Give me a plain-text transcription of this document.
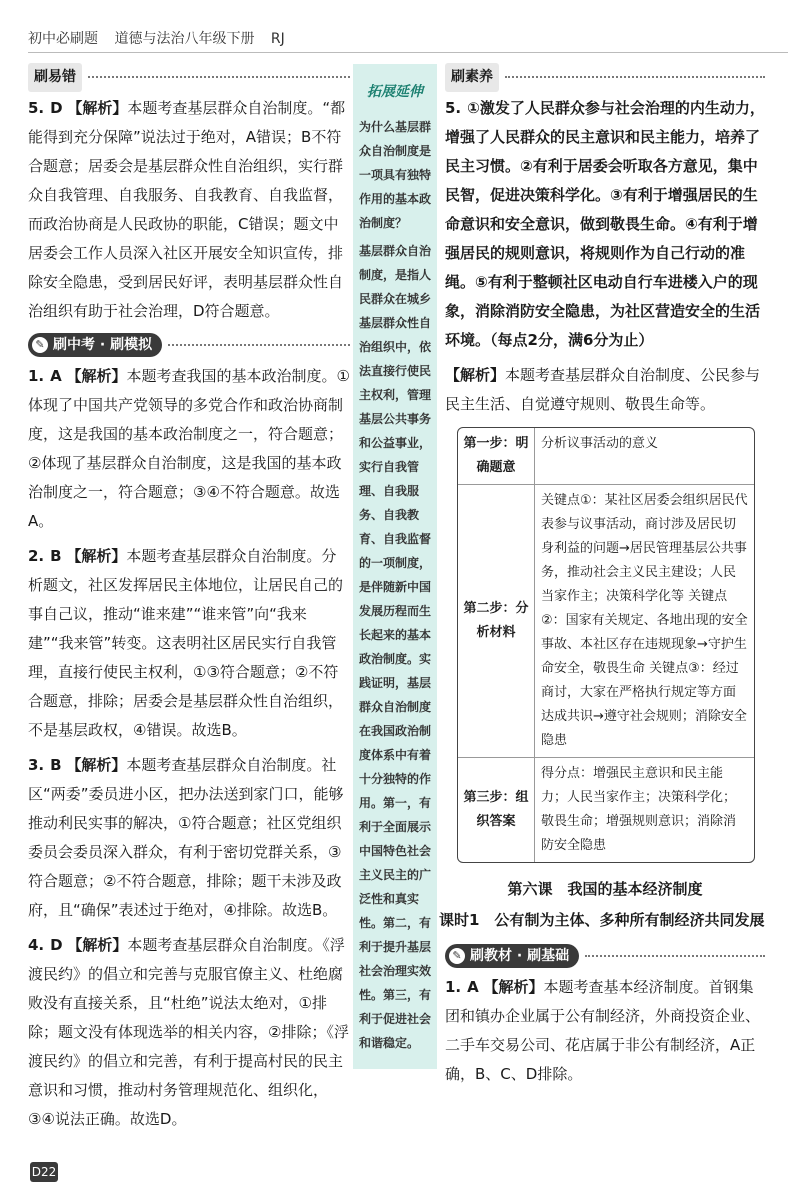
初中必刷题 道德与法治八年级下册 RJ
刷易错

5. D 【解析】本题考查基层群众自治制度。“都能得到充分保障”说法过于绝对，A错误；B不符合题意；居委会是基层群众性自治组织，实行群众自我管理、自我服务、自我教育、自我监督，而政治协商是人民政协的职能，C错误；题文中居委会工作人员深入社区开展安全知识宣传，排除安全隐患，受到居民好评，表明基层群众性自治组织有助于社会治理，D符合题意。

✎ 刷中考 · 刷模拟

1. A 【解析】本题考查我国的基本政治制度。①体现了中国共产党领导的多党合作和政治协商制度，这是我国的基本政治制度之一，符合题意；②体现了基层群众自治制度，这是我国的基本政治制度之一，符合题意；③④不符合题意。故选A。

2. B 【解析】本题考查基层群众自治制度。分析题文，社区发挥居民主体地位，让居民自己的事自己议，推动“谁来建”“谁来管”向“我来建”“我来管”转变。这表明社区居民实行自我管理，直接行使民主权利，①③符合题意；②不符合题意，排除；居委会是基层群众性自治组织，不是基层政权，④错误。故选B。

3. B 【解析】本题考查基层群众自治制度。社区“两委”委员进小区，把办法送到家门口，能够推动利民实事的解决，①符合题意；社区党组织委员会委员深入群众，有利于密切党群关系，③符合题意；②不符合题意，排除；题干未涉及政府，且“确保”表述过于绝对，④排除。故选B。

4. D 【解析】本题考查基层群众自治制度。《浮渡民约》的倡立和完善与克服官僚主义、杜绝腐败没有直接关系，且“杜绝”说法太绝对，①排除；题文没有体现选举的相关内容，②排除；《浮渡民约》的倡立和完善，有利于提高村民的民主意识和习惯，推动村务管理规范化、组织化，③④说法正确。故选D。

拓展延伸
为什么基层群众自治制度是一项具有独特作用的基本政治制度？
基层群众自治制度，是指人民群众在城乡基层群众性自治组织中，依法直接行使民主权利，管理基层公共事务和公益事业，实行自我管理、自我服务、自我教育、自我监督的一项制度，是伴随新中国发展历程而生长起来的基本政治制度。实践证明，基层群众自治制度在我国政治制度体系中有着十分独特的作用。第一，有利于全面展示中国特色社会主义民主的广泛性和真实性。第二，有利于提升基层社会治理实效性。第三，有利于促进社会和谐稳定。
刷素养

5. ①激发了人民群众参与社会治理的内生动力，增强了人民群众的民主意识和民主能力，培养了民主习惯。②有利于居委会听取各方意见，集中民智，促进决策科学化。③有利于增强居民的生命意识和安全意识，做到敬畏生命。④有利于增强居民的规则意识，将规则作为自己行动的准绳。⑤有利于整顿社区电动自行车进楼入户的现象，消除消防安全隐患，为社区营造安全的生活环境。（每点2分，满6分为止）

【解析】本题考查基层群众自治制度、公民参与民主生活、自觉遵守规则、敬畏生命等。

第一步：明确题意
分析议事活动的意义
第二步：分析材料
关键点①：某社区居委会组织居民代表参与议事活动，商讨涉及居民切身利益的问题→居民管理基层公共事务，推动社会主义民主建设；人民当家作主；决策科学化等 关键点②：国家有关规定、各地出现的安全事故、本社区存在违规现象→守护生命安全，敬畏生命 关键点③：经过商讨，大家在严格执行规定等方面达成共识→遵守社会规则；消除安全隐患
第三步：组织答案
得分点：增强民主意识和民主能力；人民当家作主；决策科学化；敬畏生命；增强规则意识；消除消防安全隐患
第六课　我国的基本经济制度
课时1　公有制为主体、多种所有制经济共同发展
✎ 刷教材 · 刷基础

1. A 【解析】本题考查基本经济制度。首钢集团和镇办企业属于公有制经济，外商投资企业、二手车交易公司、花店属于非公有制经济，A正确，B、C、D排除。

D22
